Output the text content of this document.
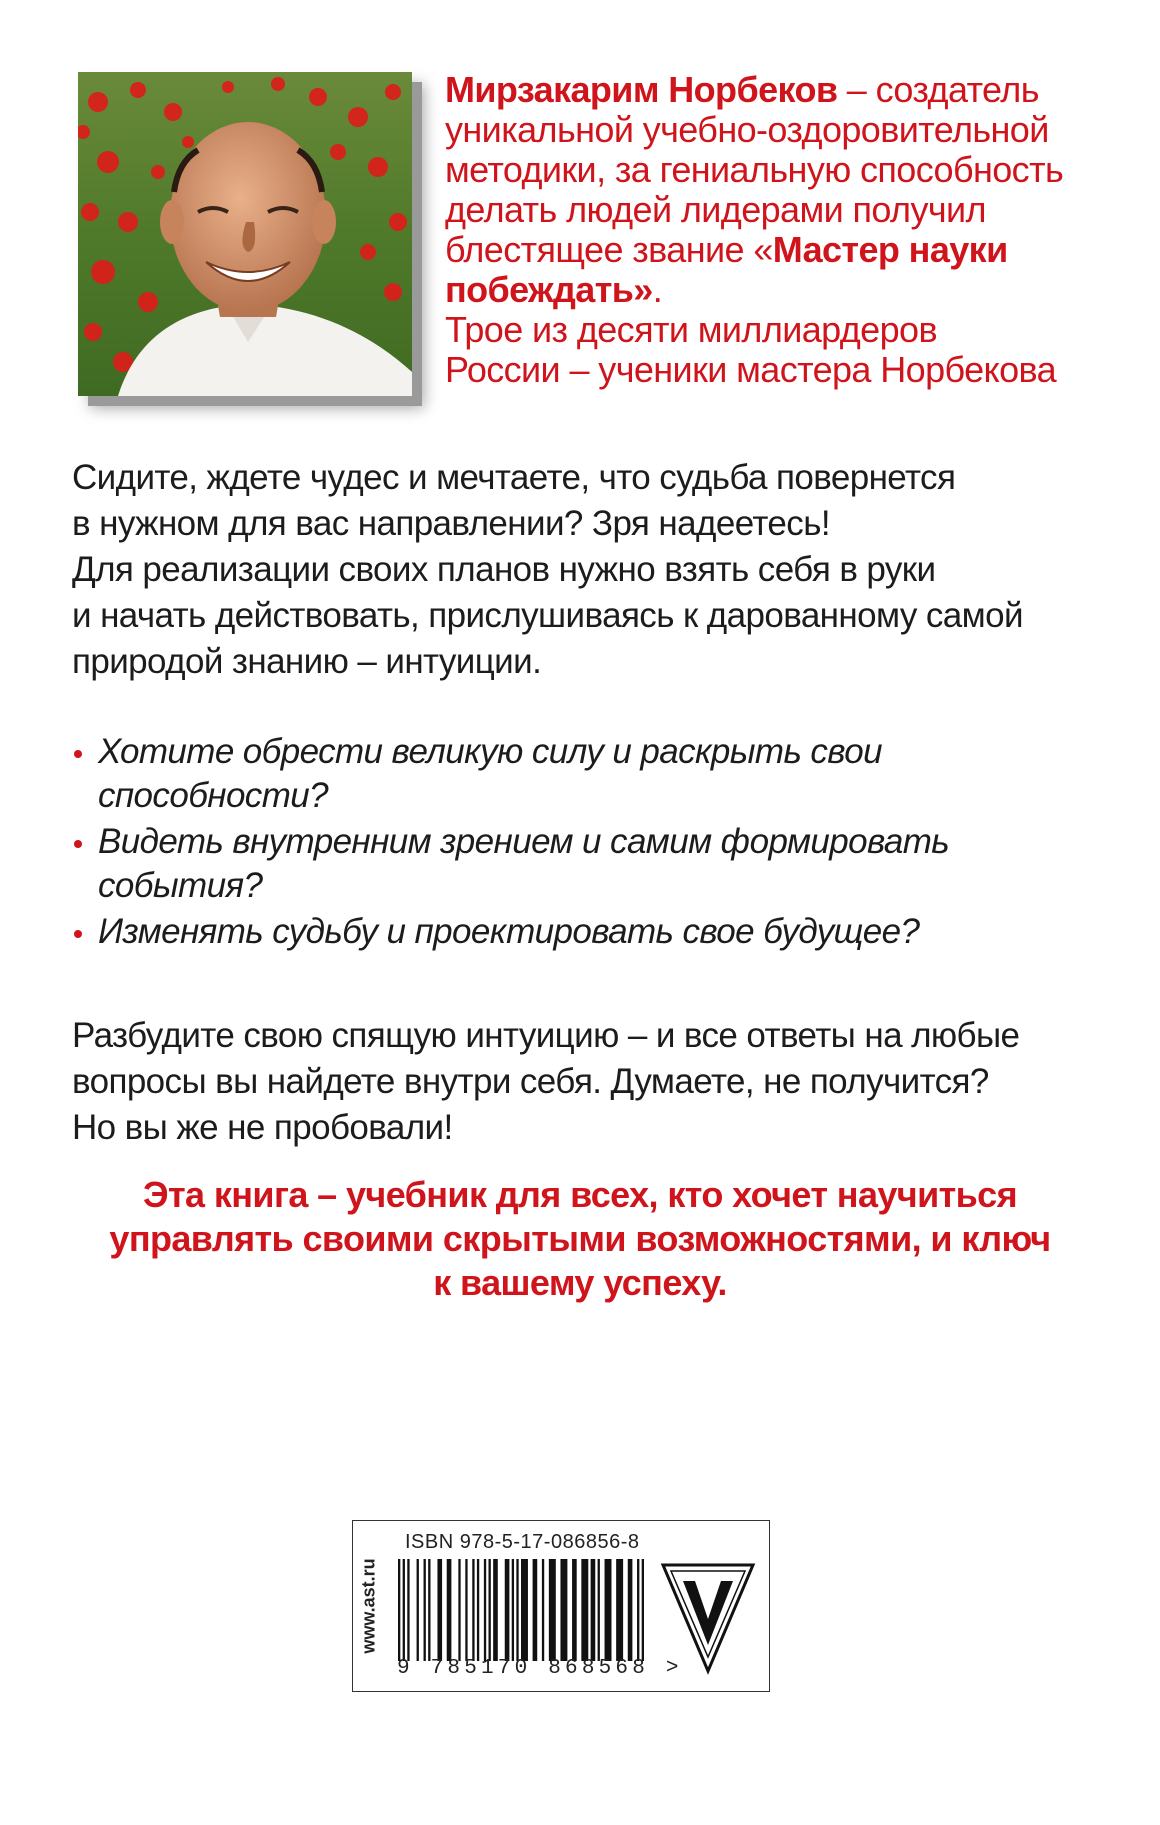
Мирзакарим Норбеков – создатель
уникальной учебно-оздоровительной
методики, за гениальную способность
делать людей лидерами получил
блестящее звание «Мастер науки
побеждать».
Трое из десяти миллиардеров
России – ученики мастера Норбекова
Сидите, ждете чудес и мечтаете, что судьба повернется
в нужном для вас направлении? Зря надеетесь!
Для реализации своих планов нужно взять себя в руки
и начать действовать, прислушиваясь к дарованному самой
природой знанию – интуиции.
Хотите обрести великую силу и раскрыть свои
способности?
Видеть внутренним зрением и самим формировать
события?
Изменять судьбу и проектировать свое будущее?
Разбудите свою спящую интуицию – и все ответы на любые
вопросы вы найдете внутри себя. Думаете, не получится?
Но вы же не пробовали!
Эта книга – учебник для всех, кто хочет научиться
управлять своими скрытыми возможностями, и ключ
к вашему успеху.
www.ast.ru
ISBN 978-5-17-086856-8
9 785170 868568 >
